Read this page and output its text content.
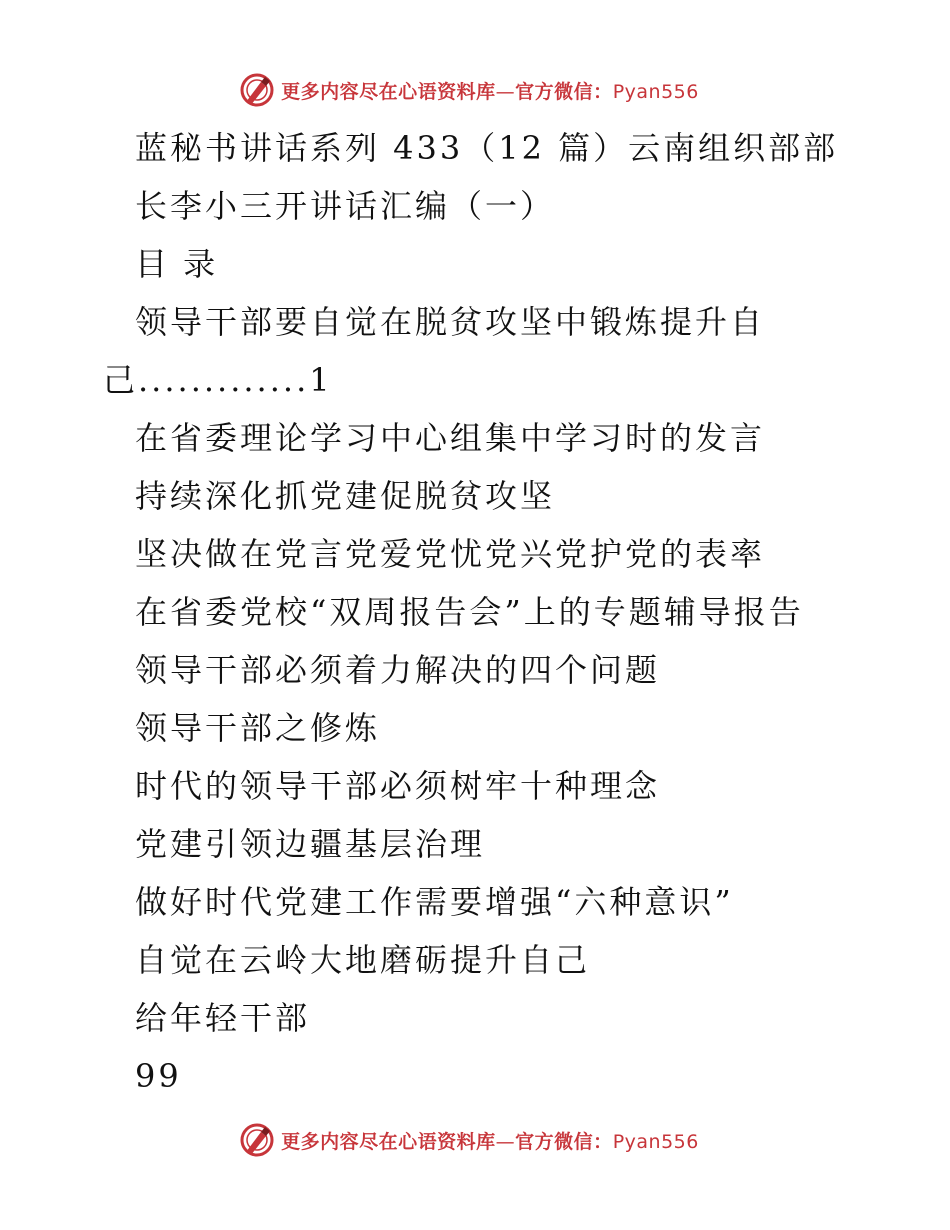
更多内容尽在心语资料库—官方微信：Pyan556
蓝秘书讲话系列 433（12 篇）云南组织部部
长李小三开讲话汇编（一）
目 录
领导干部要自觉在脱贫攻坚中锻炼提升自
己.............1
在省委理论学习中心组集中学习时的发言
持续深化抓党建促脱贫攻坚
坚决做在党言党爱党忧党兴党护党的表率
在省委党校“双周报告会”上的专题辅导报告
领导干部必须着力解决的四个问题
领导干部之修炼
时代的领导干部必须树牢十种理念
党建引领边疆基层治理
做好时代党建工作需要增强“六种意识”
自觉在云岭大地磨砺提升自己
给年轻干部
99
更多内容尽在心语资料库—官方微信：Pyan556
